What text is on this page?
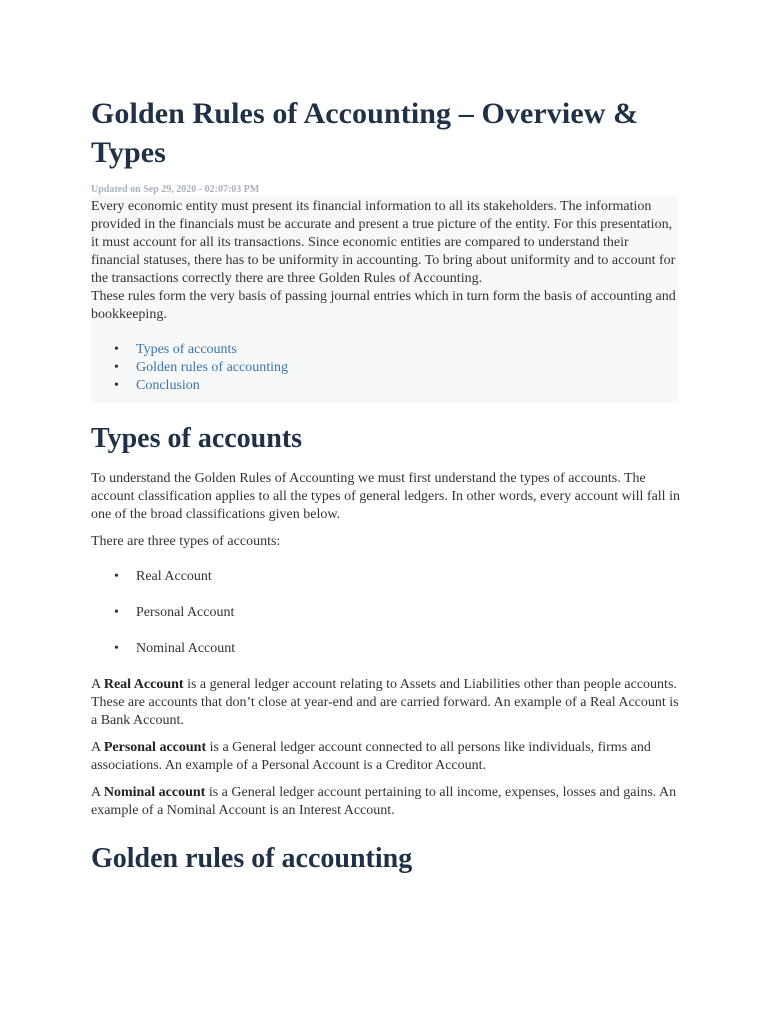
Golden Rules of Accounting – Overview & Types
Updated on Sep 29, 2020 - 02:07:03 PM

Every economic entity must present its financial information to all its stakeholders. The information provided in the financials must be accurate and present a true picture of the entity. For this presentation, it must account for all its transactions. Since economic entities are compared to understand their financial statuses, there has to be uniformity in accounting. To bring about uniformity and to account for the transactions correctly there are three Golden Rules of Accounting.

These rules form the very basis of passing journal entries which in turn form the basis of accounting and bookkeeping.

• Types of accounts
• Golden rules of accounting
• Conclusion
Types of accounts

To understand the Golden Rules of Accounting we must first understand the types of accounts. The account classification applies to all the types of general ledgers. In other words, every account will fall in one of the broad classifications given below.

There are three types of accounts:

• Real Account
• Personal Account
• Nominal Account

A Real Account is a general ledger account relating to Assets and Liabilities other than people accounts. These are accounts that don’t close at year-end and are carried forward. An example of a Real Account is a Bank Account.

A Personal account is a General ledger account connected to all persons like individuals, firms and associations. An example of a Personal Account is a Creditor Account.

A Nominal account is a General ledger account pertaining to all income, expenses, losses and gains. An example of a Nominal Account is an Interest Account.

Golden rules of accounting
